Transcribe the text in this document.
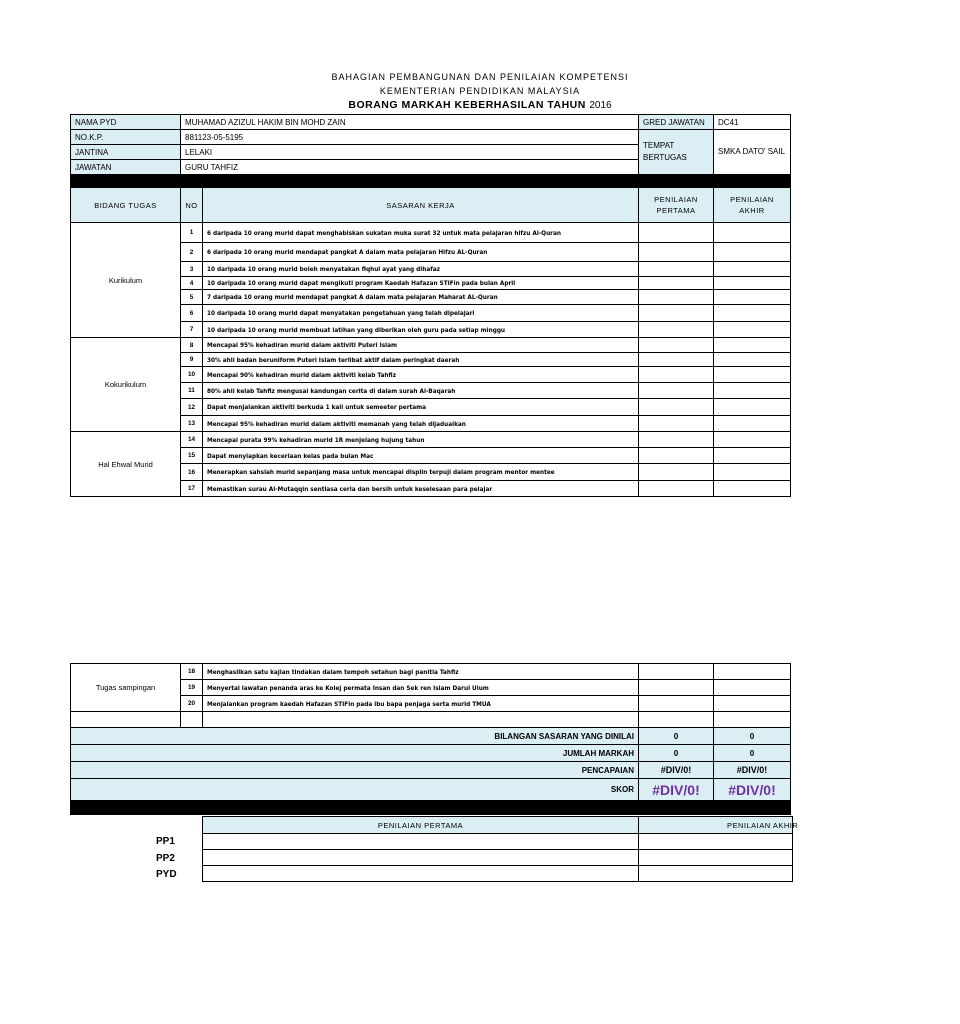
BAHAGIAN PEMBANGUNAN DAN PENILAIAN KOMPETENSI
KEMENTERIAN PENDIDIKAN MALAYSIA
BORANG MARKAH KEBERHASILAN TAHUN 2016
NAMA PYD	MUHAMAD AZIZUL HAKIM BIN MOHD ZAIN		GRED JAWATAN	DC41
NO.K.P.	881123-05-5195		TEMPAT BERTUGAS	SMKA DATO' SAIL
JANTINA	LELAKI			
JAWATAN	GURU TAHFIZ			

BIDANG TUGAS	NO	SASARAN KERJA	PENILAIAN PERTAMA	PENILAIAN AKHIR
Kurikulum	1	6 daripada 10 orang murid dapat menghabiskan sukatan muka surat 32 untuk mata pelajaran hifzu Al-Quran		
	2	6 daripada 10 orang murid mendapat pangkat A dalam mata pelajaran Hifzu AL-Quran		
	3	10 daripada 10 orang murid boleh menyatakan fiqhul ayat yang dihafaz		
	4	10 daripada 10 orang murid dapat mengikuti program Kaedah Hafazan STIFin pada bulan April		
	5	7 daripada 10 orang murid mendapat pangkat A dalam mata pelajaran Maharat AL-Quran		
	6	10 daripada 10 orang murid dapat menyatakan pengetahuan yang telah dipelajari		
	7	10 daripada 10 orang murid membuat latihan yang diberikan oleh guru pada setiap minggu		
Kokurikulum	8	Mencapai 95% kehadiran murid dalam aktiviti Puteri Islam		
	9	30% ahli badan beruniform Puteri Islam terlibat aktif dalam peringkat daerah		
	10	Mencapai 90% kehadiran murid dalam aktiviti kelab Tahfiz		
	11	80% ahli kelab Tahfiz mengusai kandungan cerita di dalam surah Al-Baqarah		
	12	Dapat menjalankan aktiviti berkuda 1 kali untuk semeeter pertama		
	13	Mencapai 95% kehadiran murid dalam aktiviti memanah yang telah dijaduaikan		
Hal Ehwal Murid	14	Mencapai purata 99% kehadiran murid 1R menjelang hujung tahun		
	15	Dapat menyiapkan keceriaan kelas pada bulan Mac		
	16	Menerapkan sahsiah murid sepanjang masa untuk mencapai displin terpuji dalam program mentor mentee		
	17	Memastikan surau Al-Mutaqqin sentiasa ceria dan bersih untuk keselesaan para pelajar		
Tugas sampingan	18	Menghasilkan satu kajian tindakan dalam tempoh setahun bagi panitia Tahfiz		
	19	Menyertai lawatan penanda aras ke Kolej permata Insan dan Sek ren Islam Darul Ulum		
	20	Menjalankan program kaedah Hafazan STIFin pada ibu bapa penjaga serta murid TMUA		

BILANGAN SASARAN YANG DINILAI			0	0
JUMLAH MARKAH			0	0
PENCAPAIAN			#DIV/0!	#DIV/0!
SKOR			#DIV/0!	#DIV/0!

PENILAIAN PERTAMA	PENILAIAN AKHIR

PP1
PP2
PYD
